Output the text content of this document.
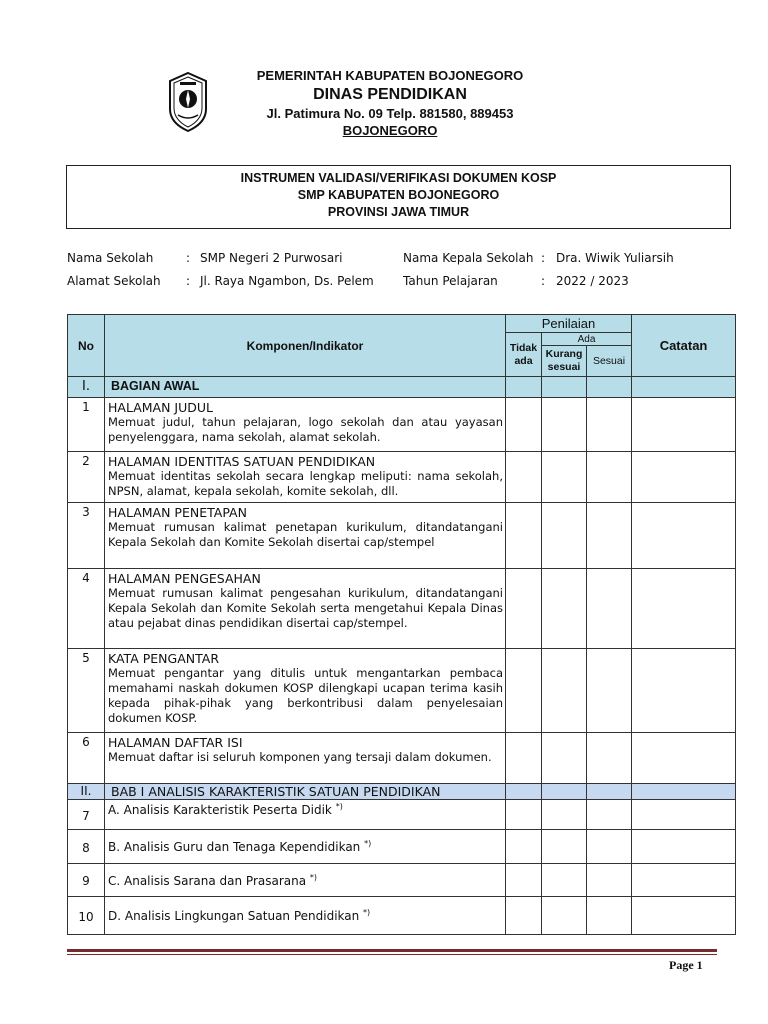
PEMERINTAH KABUPATEN BOJONEGORO
DINAS PENDIDIKAN
Jl. Patimura No. 09 Telp. 881580, 889453
BOJONEGORO
INSTRUMEN VALIDASI/VERIFIKASI DOKUMEN KOSP
SMP KABUPATEN BOJONEGORO
PROVINSI JAWA TIMUR
Nama Sekolah	: SMP Negeri 2 Purwosari
Alamat Sekolah : Jl. Raya Ngambon, Ds. Pelem
Nama Kepala Sekolah : Dra. Wiwik Yuliarsih
Tahun Pelajaran	: 2022 / 2023
No	Komponen/Indikator	Penilaian			Catatan
		Tidak ada	Ada		
			Kurang sesuai	Sesuai	
I.	BAGIAN AWAL				
1	HALAMAN JUDUL
Memuat judul, tahun pelajaran, logo sekolah dan atau yayasan penyelenggara, nama sekolah, alamat sekolah.				

2	HALAMAN IDENTITAS SATUAN PENDIDIKAN
Memuat identitas sekolah secara lengkap meliputi: nama sekolah, NPSN, alamat, kepala sekolah, komite sekolah, dll.				

3	HALAMAN PENETAPAN
Memuat rumusan kalimat penetapan kurikulum, ditandatangani Kepala Sekolah dan Komite Sekolah disertai cap/stempel				

4	HALAMAN PENGESAHAN
Memuat rumusan kalimat pengesahan kurikulum, ditandatangani Kepala Sekolah dan Komite Sekolah serta mengetahui Kepala Dinas atau pejabat dinas pendidikan disertai cap/stempel.				

5	KATA PENGANTAR
Memuat pengantar yang ditulis untuk mengantarkan pembaca memahami naskah dokumen KOSP dilengkapi ucapan terima kasih kepada pihak-pihak yang berkontribusi dalam penyelesaian dokumen KOSP.				

6	HALAMAN DAFTAR ISI
Memuat daftar isi seluruh komponen yang tersaji dalam dokumen.				

II.	BAB I ANALISIS KARAKTERISTIK SATUAN PENDIDIKAN				
7	A. Analisis Karakteristik Peserta Didik *)				
8	B. Analisis Guru dan Tenaga Kependidikan *)				
9	C. Analisis Sarana dan Prasarana *)				
10	D. Analisis Lingkungan Satuan Pendidikan *)				
Page 1
